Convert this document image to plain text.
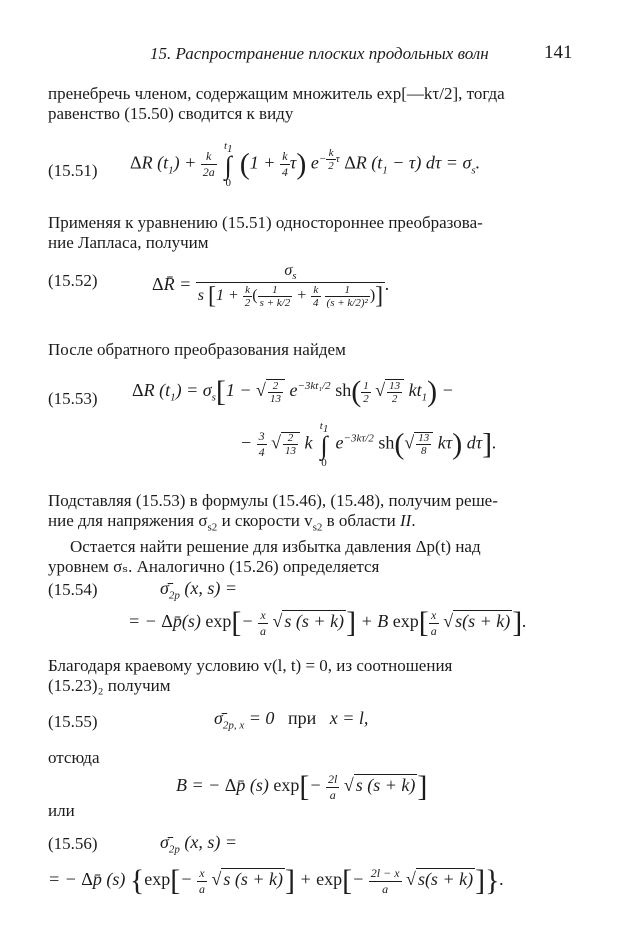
15. Распространение плоских продольных волн	141
пренебречь членом, содержащим множитель exp[—kτ/2], тогда
равенство (15.50) сводится к виду
(15.51) ΔR $(t_1) + \frac{k}{2a}$

$t_1$
∫
0
$(1 + \frac{k}{4} \tau)$ $e^{- \frac{k}{2} \tau}$ ΔR $(t_1 - \tau) d\tau = \sigma_s$.
Применяя к уравнению (15.51) одностороннее преобразова-
ние Лапласа, получим
(15.52)	ΔR̄ = $\sigma_s$
s [$1 + \frac{k}{2}$ ( $\frac{1}{s + k/2} + \frac{k}{4}$
$\frac{1}{\text{(s + k/2)²}}$ )] .
После обратного преобразования найдем
(15.53) ΔR $(t_1) = \sigma_s[1$ − √ $\frac{2}{13} e^{-3kt_1/2}$ $sh( \frac{1}{2}$ √ $\frac{13}{2} kt_1$) −
− $\frac{3}{4}$ √ $\frac{2}{13}$ k
$t_1$
∫
0
$e^{-3k\tau/2}$ $sh(√ \frac{13}{8} k\tau)$ dτ].
Подставляя (15.53) в формулы (15.46), (15.48), получим реше-
ние для напряжения $\sigma_{s2}$ и скорости $v_{s2}$ в области II.
Остается найти решение для избытка давления Δp(t) над
уровнем σₛ. Аналогично (15.26) определяется
(15.54)	$\sigmā_{2p}$ (x, s) =
= − Δp̄(s) $\exp[- \frac{x}{a}$ √ s (s + k)] + B $\exp[ \frac{x}{a}$ √ s(s + k)].
Благодаря краевому условию v(l, t) = 0, из соотношения
(15.23)₂ получим
(15.55)	$\sigmā_{2p, x} = 0$   при   x = l,
отсюда
B = − Δp̄ (s) $\exp[- \frac{2l}{a}$ √ s (s + k)]
или
(15.56)	$\sigmā_{2p}$ (x, s) =
= − Δp̄ (s) {$\exp[- \frac{x}{a}$ √ s $(s + k)] + \exp[- \frac{2l - x}{a}$ √ s(s + k)]}.
